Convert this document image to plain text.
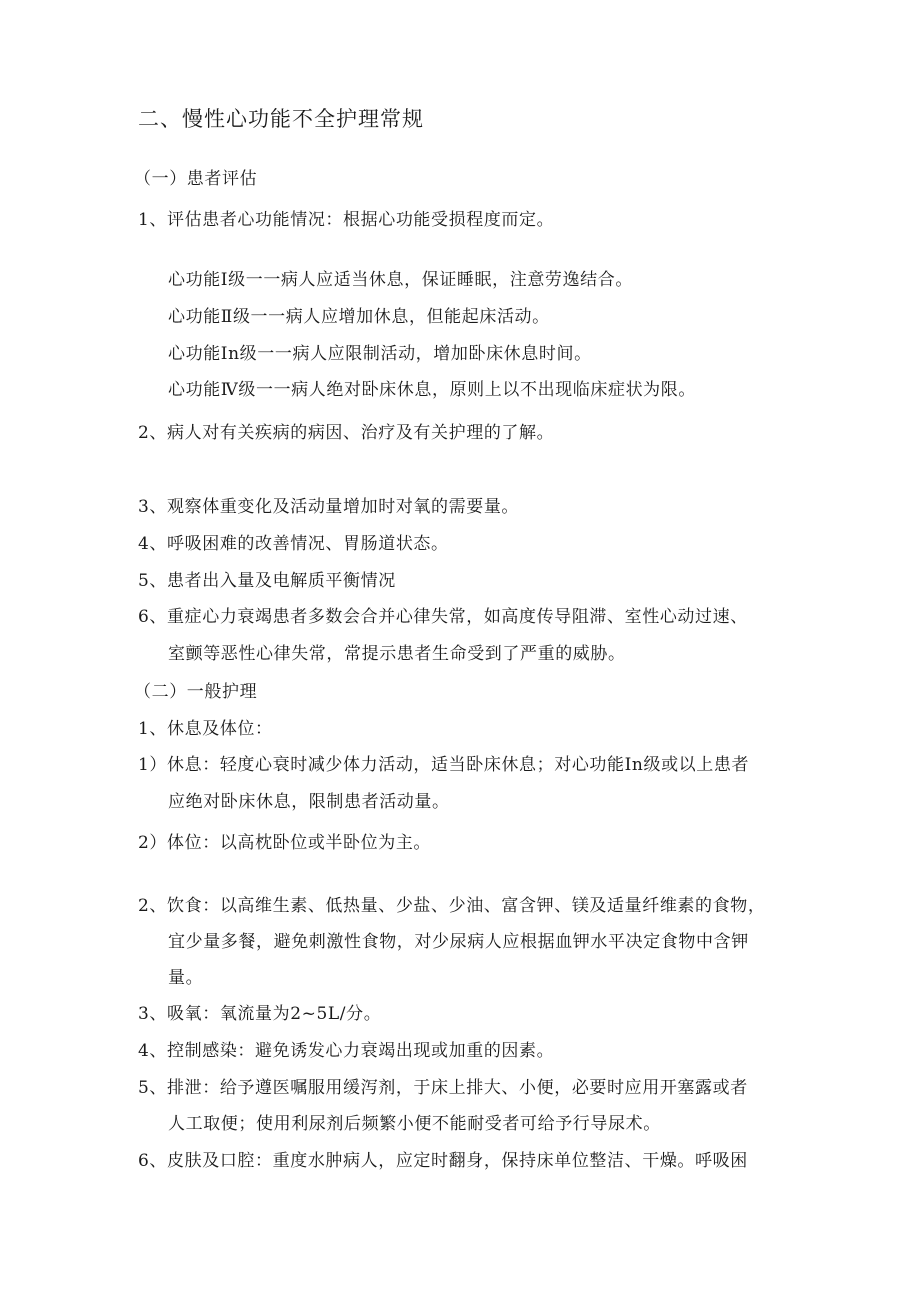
二、慢性心功能不全护理常规
（一）患者评估
1、评估患者心功能情况：根据心功能受损程度而定。
心功能Ⅰ级一一病人应适当休息，保证睡眠，注意劳逸结合。
心功能Ⅱ级一一病人应增加休息，但能起床活动。
心功能In级一一病人应限制活动，增加卧床休息时间。
心功能Ⅳ级一一病人绝对卧床休息，原则上以不出现临床症状为限。
2、病人对有关疾病的病因、治疗及有关护理的了解。
3、观察体重变化及活动量增加时对氧的需要量。
4、呼吸困难的改善情况、胃肠道状态。
5、患者出入量及电解质平衡情况
6、重症心力衰竭患者多数会合并心律失常，如高度传导阻滞、室性心动过速、
室颤等恶性心律失常，常提示患者生命受到了严重的威胁。
（二）一般护理
1、休息及体位：
1）休息：轻度心衰时减少体力活动，适当卧床休息；对心功能In级或以上患者
应绝对卧床休息，限制患者活动量。
2）体位：以高枕卧位或半卧位为主。
2、饮食：以高维生素、低热量、少盐、少油、富含钾、镁及适量纤维素的食物，
宜少量多餐，避免刺激性食物，对少尿病人应根据血钾水平决定食物中含钾
量。
3、吸氧：氧流量为2~5L/分。
4、控制感染：避免诱发心力衰竭出现或加重的因素。
5、排泄：给予遵医嘱服用缓泻剂，于床上排大、小便，必要时应用开塞露或者
人工取便；使用利尿剂后频繁小便不能耐受者可给予行导尿术。
6、皮肤及口腔：重度水肿病人，应定时翻身，保持床单位整洁、干燥。呼吸困
